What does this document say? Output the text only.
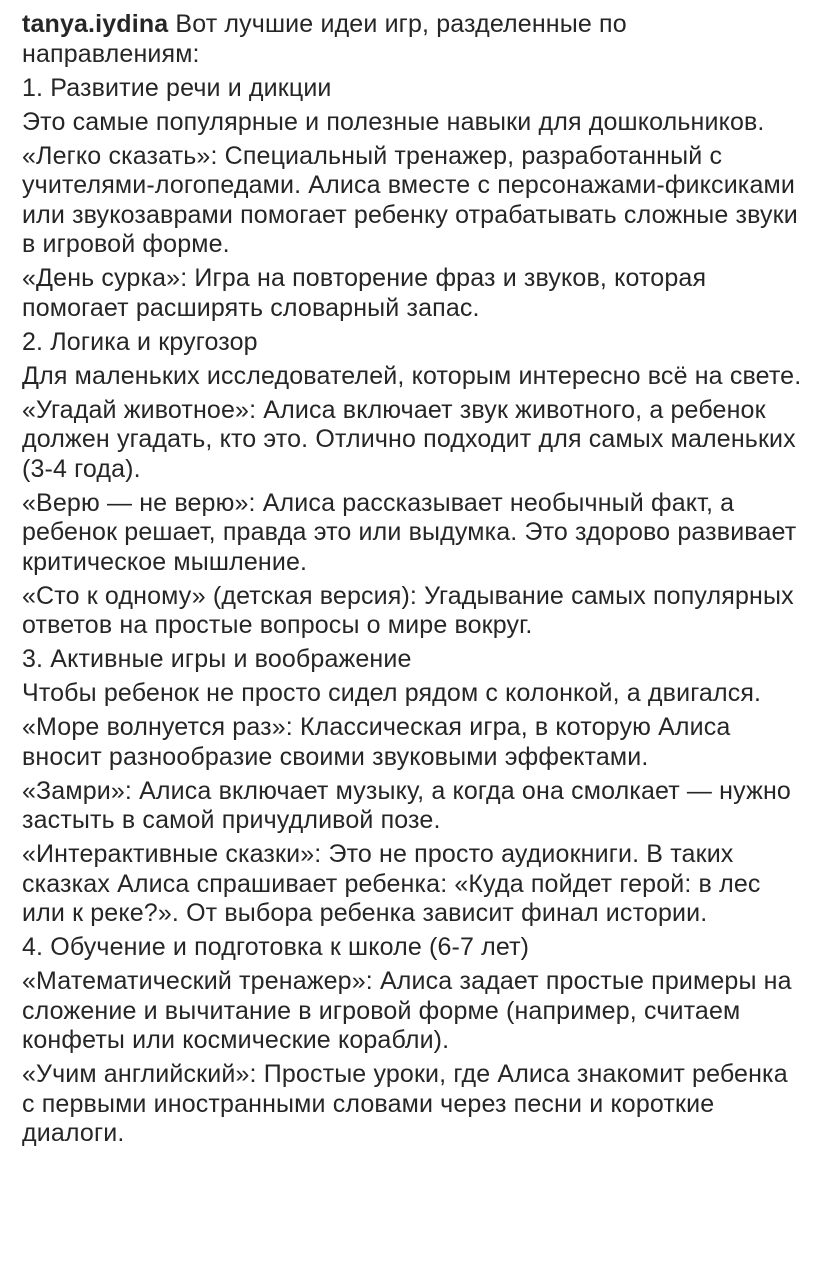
tanya.iydina Вот лучшие идеи игр, разделенные по направлениям:

1. Развитие речи и дикции

Это самые популярные и полезные навыки для дошкольников.

«Легко сказать»: Специальный тренажер, разработанный с учителями-логопедами. Алиса вместе с персонажами-фиксиками или звукозаврами помогает ребенку отрабатывать сложные звуки в игровой форме.

«День сурка»: Игра на повторение фраз и звуков, которая помогает расширять словарный запас.

2. Логика и кругозор

Для маленьких исследователей, которым интересно всё на свете.

«Угадай животное»: Алиса включает звук животного, а ребенок должен угадать, кто это. Отлично подходит для самых маленьких (3-4 года).

«Верю — не верю»: Алиса рассказывает необычный факт, а ребенок решает, правда это или выдумка. Это здорово развивает критическое мышление.

«Сто к одному» (детская версия): Угадывание самых популярных ответов на простые вопросы о мире вокруг.

3. Активные игры и воображение

Чтобы ребенок не просто сидел рядом с колонкой, а двигался.

«Море волнуется раз»: Классическая игра, в которую Алиса вносит разнообразие своими звуковыми эффектами.

«Замри»: Алиса включает музыку, а когда она смолкает — нужно застыть в самой причудливой позе.

«Интерактивные сказки»: Это не просто аудиокниги. В таких сказках Алиса спрашивает ребенка: «Куда пойдет герой: в лес или к реке?». От выбора ребенка зависит финал истории.

4. Обучение и подготовка к школе (6-7 лет)

«Математический тренажер»: Алиса задает простые примеры на сложение и вычитание в игровой форме (например, считаем конфеты или космические корабли).

«Учим английский»: Простые уроки, где Алиса знакомит ребенка с первыми иностранными словами через песни и короткие диалоги.
